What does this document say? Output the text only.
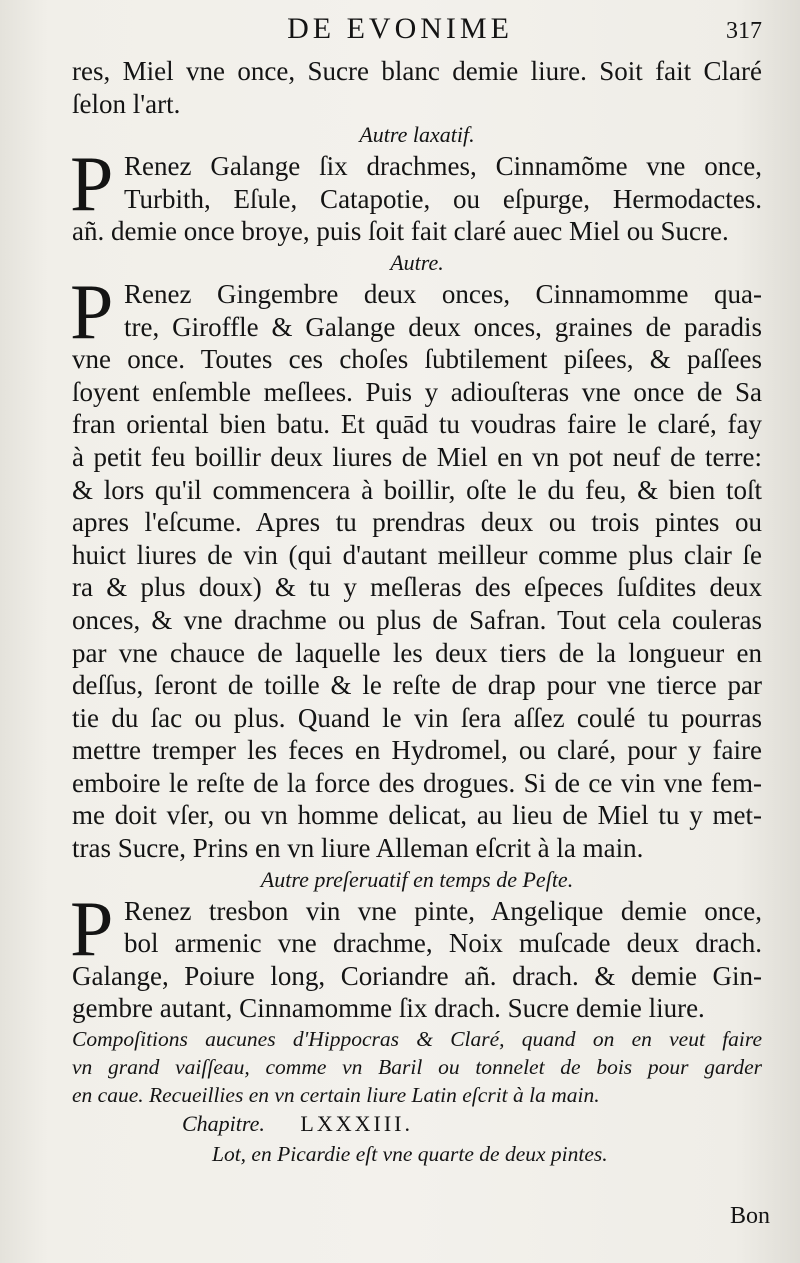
DE EVONIME	317
res, Miel vne once, Sucre blanc demie liure. Soit fait Claré
ſelon l'art.
Autre laxatif.
P Renez Galange ſix drachmes, Cinnamõme vne once,
Turbith, Eſule, Catapotie, ou eſpurge, Hermodactes.
añ. demie once broye, puis ſoit fait claré auec Miel ou Sucre.
Autre.
P Renez Gingembre deux onces, Cinnamomme qua-
tre, Giroffle & Galange deux onces, graines de paradis
vne once. Toutes ces choſes ſubtilement piſees, & paſſees
ſoyent enſemble meſlees. Puis y adiouſteras vne once de Sa
fran oriental bien batu. Et quād tu voudras faire le claré, fay
à petit feu boillir deux liures de Miel en vn pot neuf de terre:
& lors qu'il commencera à boillir, oſte le du feu, & bien toſt
apres l'eſcume. Apres tu prendras deux ou trois pintes ou
huict liures de vin (qui d'autant meilleur comme plus clair ſe
ra & plus doux) & tu y meſleras des eſpeces ſuſdites deux
onces, & vne drachme ou plus de Safran. Tout cela couleras
par vne chauce de laquelle les deux tiers de la longueur en
deſſus, ſeront de toille & le reſte de drap pour vne tierce par
tie du ſac ou plus. Quand le vin ſera aſſez coulé tu pourras
mettre tremper les feces en Hydromel, ou claré, pour y faire
emboire le reſte de la force des drogues. Si de ce vin vne fem-
me doit vſer, ou vn homme delicat, au lieu de Miel tu y met-
tras Sucre, Prins en vn liure Alleman eſcrit à la main.
Autre preſeruatif en temps de Peſte.
P Renez tresbon vin vne pinte, Angelique demie once,
bol armenic vne drachme, Noix muſcade deux drach.
Galange, Poiure long, Coriandre añ. drach. & demie Gin-
gembre autant, Cinnamomme ſix drach. Sucre demie liure.
Compoſitions aucunes d'Hippocras & Claré, quand on en veut faire
vn grand vaiſſeau, comme vn Baril ou tonnelet de bois pour garder
en caue. Recueillies en vn certain liure Latin eſcrit à la main.
Chapitre. LXXXIII.
Lot, en Picardie eſt vne quarte de deux pintes.
Bon
